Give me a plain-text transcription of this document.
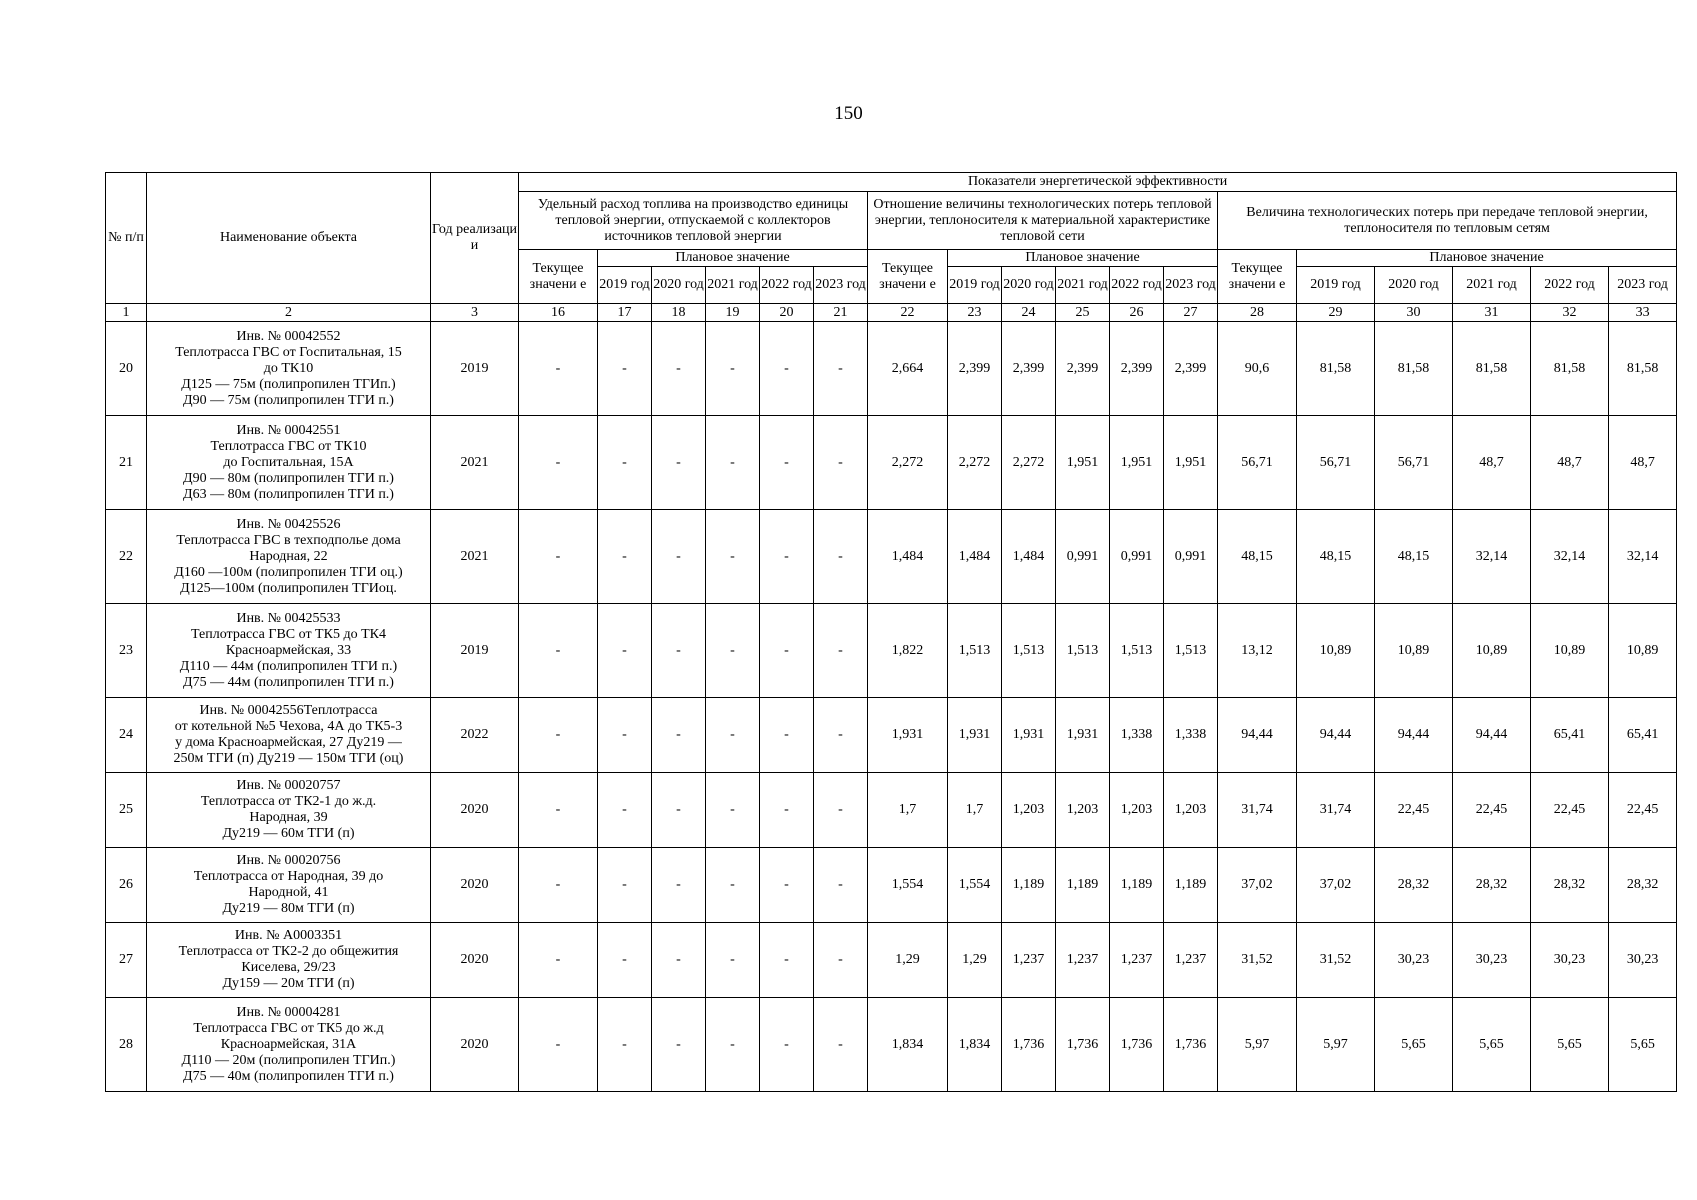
150
№ п/п	Наименование объекта	Год реализаци и	Показатели энергетической эффективности																	
			Удельный расход топлива на производство единицы тепловой энергии, отпускаемой с коллекторов источников тепловой энергии						Отношение величины технологических потерь тепловой энергии, теплоносителя к материальной характеристике тепловой сети						Величина технологических потерь при передаче тепловой энергии, теплоносителя по тепловым сетям					
			Текущее значени е	Плановое значение					Текущее значени е	Плановое значение					Текущее значени е	Плановое значение				
				2019 год	2020 год	2021 год	2022 год	2023 год		2019 год	2020 год	2021 год	2022 год	2023 год		2019 год	2020 год	2021 год	2022 год	2023 год
1	2	3	16	17	18	19	20	21	22	23	24	25	26	27	28	29	30	31	32	33
20	Инв. № 00042552
Теплотрасса ГВС от Госпитальная, 15
до ТК10
Д125 — 75м (полипропилен ТГИп.)
Д90 — 75м (полипропилен ТГИ п.)	2019	-	-	-	-	-	-	2,664	2,399	2,399	2,399	2,399	2,399	90,6	81,58	81,58	81,58	81,58	81,58
21	Инв. № 00042551
Теплотрасса ГВС от ТК10
до Госпитальная, 15А
Д90 — 80м (полипропилен ТГИ п.)
Д63 — 80м (полипропилен ТГИ п.)	2021	-	-	-	-	-	-	2,272	2,272	2,272	1,951	1,951	1,951	56,71	56,71	56,71	48,7	48,7	48,7
22	Инв. № 00425526
Теплотрасса ГВС в техподполье дома
Народная, 22
Д160 —100м (полипропилен ТГИ оц.)
Д125—100м (полипропилен ТГИоц.	2021	-	-	-	-	-	-	1,484	1,484	1,484	0,991	0,991	0,991	48,15	48,15	48,15	32,14	32,14	32,14
23	Инв. № 00425533
Теплотрасса ГВС от ТК5 до ТК4
Красноармейская, 33
Д110 — 44м (полипропилен ТГИ п.)
Д75 — 44м (полипропилен ТГИ п.)	2019	-	-	-	-	-	-	1,822	1,513	1,513	1,513	1,513	1,513	13,12	10,89	10,89	10,89	10,89	10,89
24	Инв. № 00042556Теплотрасса
от котельной №5 Чехова, 4А до ТК5-3
у дома Красноармейская, 27 Ду219 —
250м ТГИ (п) Ду219 — 150м ТГИ (оц)	2022	-	-	-	-	-	-	1,931	1,931	1,931	1,931	1,338	1,338	94,44	94,44	94,44	94,44	65,41	65,41
25	Инв. № 00020757
Теплотрасса от ТК2-1 до ж.д.
Народная, 39
Ду219 — 60м ТГИ (п)	2020	-	-	-	-	-	-	1,7	1,7	1,203	1,203	1,203	1,203	31,74	31,74	22,45	22,45	22,45	22,45
26	Инв. № 00020756
Теплотрасса от Народная, 39 до
Народной, 41
Ду219 — 80м ТГИ (п)	2020	-	-	-	-	-	-	1,554	1,554	1,189	1,189	1,189	1,189	37,02	37,02	28,32	28,32	28,32	28,32
27	Инв. № А0003351
Теплотрасса от ТК2-2 до общежития
Киселева, 29/23
Ду159 — 20м ТГИ (п)	2020	-	-	-	-	-	-	1,29	1,29	1,237	1,237	1,237	1,237	31,52	31,52	30,23	30,23	30,23	30,23
28	Инв. № 00004281
Теплотрасса ГВС от ТК5 до ж.д
Красноармейская, 31А
Д110 — 20м (полипропилен ТГИп.)
Д75 — 40м (полипропилен ТГИ п.)	2020	-	-	-	-	-	-	1,834	1,834	1,736	1,736	1,736	1,736	5,97	5,97	5,65	5,65	5,65	5,65
